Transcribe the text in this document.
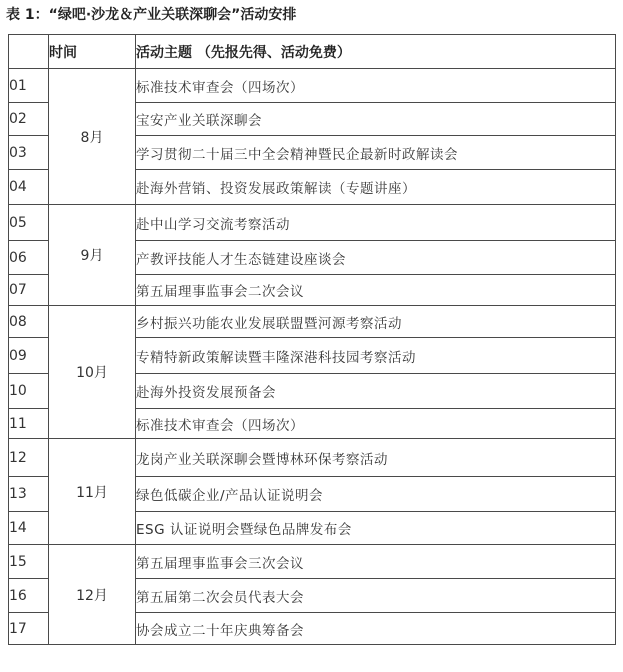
表 1：“绿吧·沙龙＆产业关联深聊会”活动安排
	时间	活动主题 （先报先得、活动免费）
01	8月	标准技术审查会（四场次）
02		宝安产业关联深聊会
03		学习贯彻二十届三中全会精神暨民企最新时政解读会
04		赴海外营销、投资发展政策解读（专题讲座）
05	9月	赴中山学习交流考察活动
06		产教评技能人才生态链建设座谈会
07		第五届理事监事会二次会议
08	10月	乡村振兴功能农业发展联盟暨河源考察活动
09		专精特新政策解读暨丰隆深港科技园考察活动
10		赴海外投资发展预备会
11		标准技术审查会（四场次）
12	11月	龙岗产业关联深聊会暨博林环保考察活动
13		绿色低碳企业/产品认证说明会
14		ESG 认证说明会暨绿色品牌发布会
15	12月	第五届理事监事会三次会议
16		第五届第二次会员代表大会
17		协会成立二十年庆典筹备会
